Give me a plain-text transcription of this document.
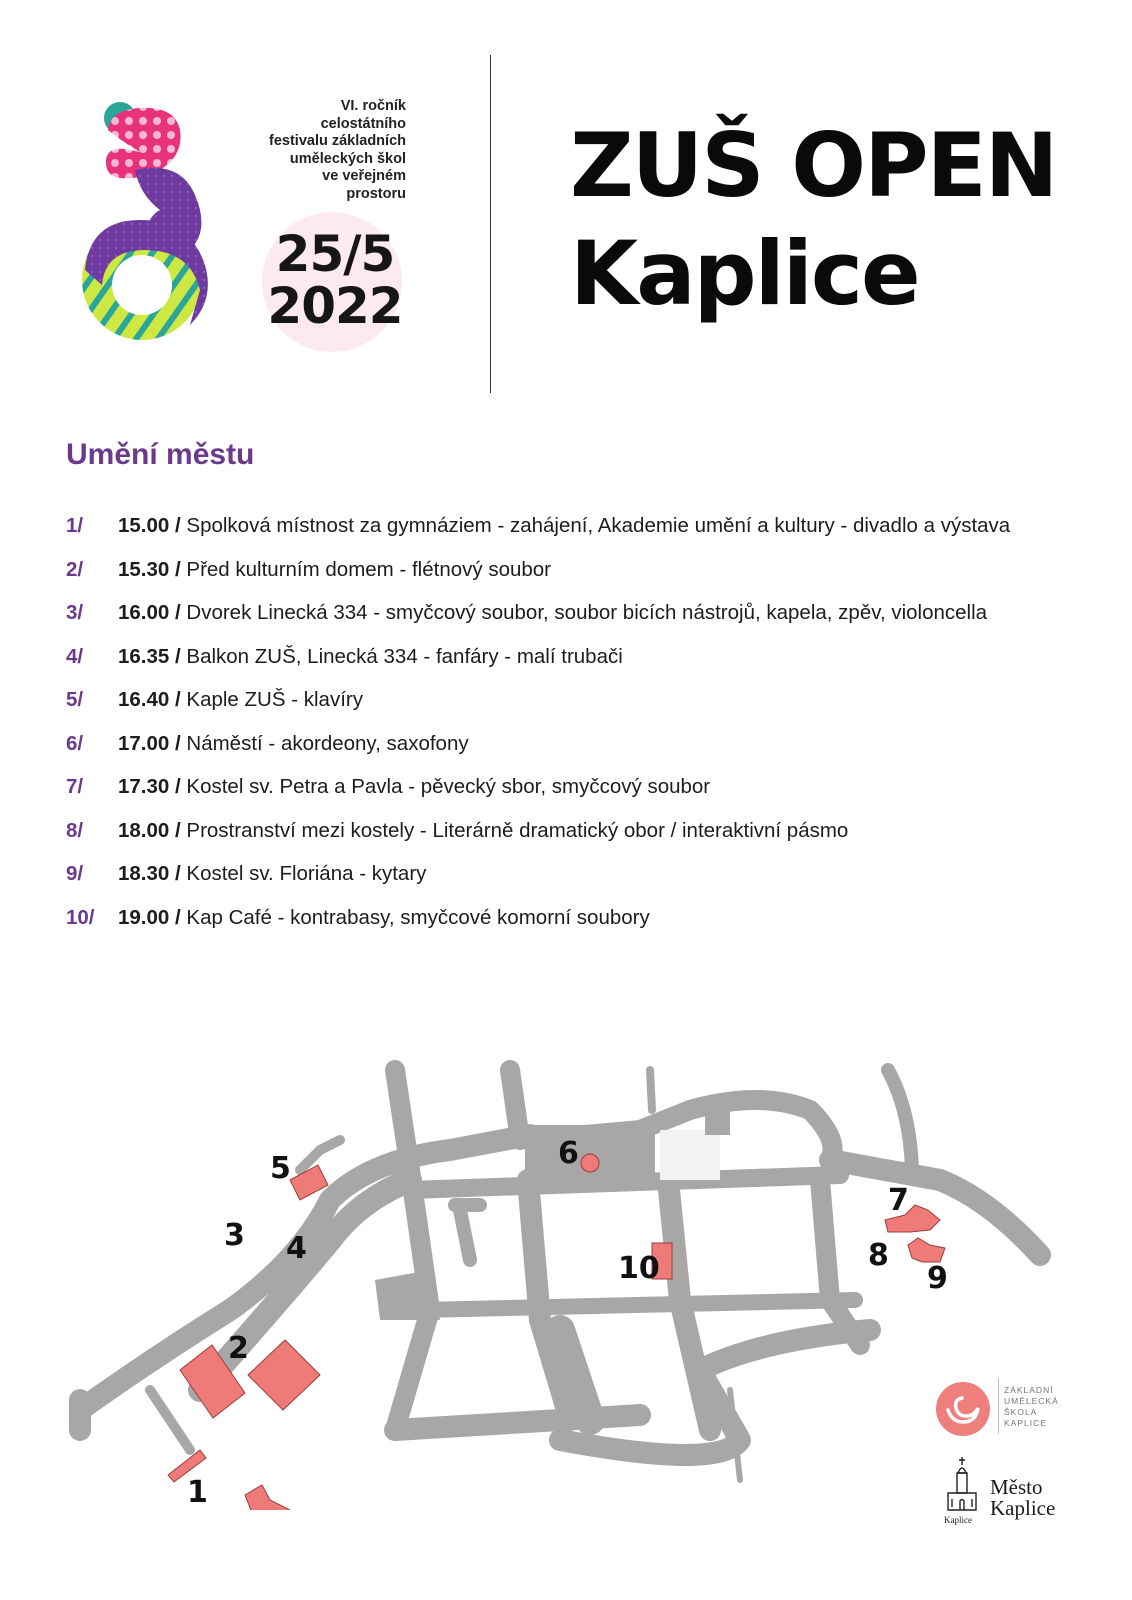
VI. ročník
celostátního
festivalu základních
uměleckých škol
ve veřejném
prostoru
25/5
2022
ZUŠ OPEN
Kaplice
Umění městu
1/ 15.00 / Spolková místnost za gymnáziem - zahájení, Akademie umění a kultury - divadlo a výstava
2/ 15.30 / Před kulturním domem - flétnový soubor
3/ 16.00 / Dvorek Linecká 334 - smyčcový soubor, soubor bicích nástrojů, kapela, zpěv, violoncella
4/ 16.35 / Balkon ZUŠ, Linecká 334 - fanfáry - malí trubači
5/ 16.40 / Kaple ZUŠ - klavíry
6/ 17.00 / Náměstí - akordeony, saxofony
7/ 17.30 / Kostel sv. Petra a Pavla - pěvecký sbor, smyčcový soubor
8/ 18.00 / Prostranství mezi kostely - Literárně dramatický obor / interaktivní pásmo
9/ 18.30 / Kostel sv. Floriána - kytary
10/ 19.00 / Kap Café - kontrabasy, smyčcové komorní soubory
1
2
3 4
5	6
7
8
9
10
ZÁKLADNÍ
UMĚLECKÁ
ŠKOLA
KAPLICE
Kaplice
Město
Kaplice
